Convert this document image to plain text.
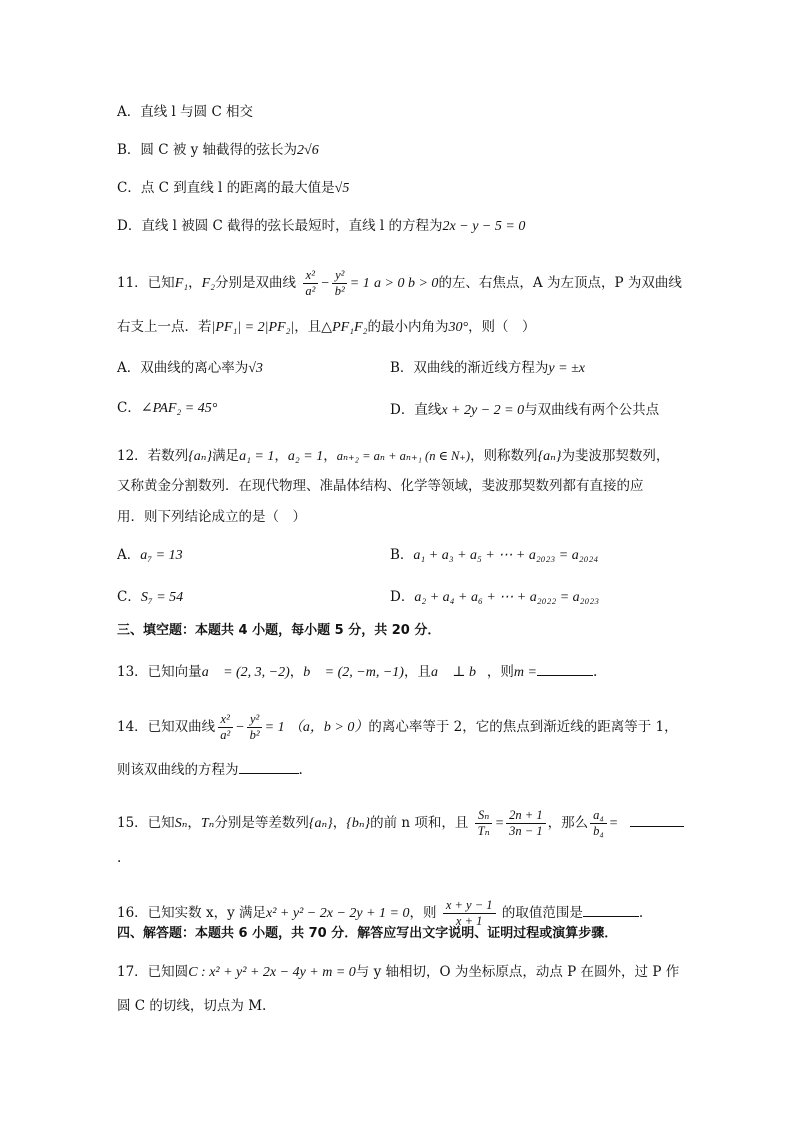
A．直线 l 与圆 C 相交
B．圆 C 被 y 轴截得的弦长为2√6
C．点 C 到直线 l 的距离的最大值是√5
D．直线 l 被圆 C 截得的弦长最短时，直线 l 的方程为2x − y − 5 = 0
11．已知F₁，F₂分别是双曲线 $\frac{\text{x²}}{\text{a²}} - \frac{\text{y²}}{\text{b²}} = 1$ a > 0 b > 0的左、右焦点，A 为左顶点，P 为双曲线
右支上一点．若|PF₁| = 2|PF₂|，且△PF₁F₂的最小内角为30°，则（　）
A．双曲线的离心率为√3	B．双曲线的渐近线方程为y = ±x
C．∠PAF₂ = 45°	D．直线x + 2y − 2 = 0与双曲线有两个公共点
12．若数列{aₙ}满足a₁ = 1，a₂ = 1，aₙ₊₂ = aₙ + aₙ₊₁ (n ∈ N₊)，则称数列{aₙ}为斐波那契数列，
又称黄金分割数列．在现代物理、准晶体结构、化学等领域，斐波那契数列都有直接的应
用．则下列结论成立的是（　）
A．a₇ = 13	B．a₁ + a₃ + a₅ + ⋯ + a₂₀₂₃ = a₂₀₂₄
C．S₇ = 54	D．a₂ + a₄ + a₆ + ⋯ + a₂₀₂₂ = a₂₀₂₃
三、填空题：本题共 4 小题，每小题 5 分，共 20 分．
13．已知向量a⃗ = (2, 3, −2)，b⃗ = (2, −m, −1)，且a⃗ ⊥ b⃗，则m =	.
14．已知双曲线 $\frac{\text{x²}}{\text{a²}} - \frac{\text{y²}}{\text{b²}} = 1$ （a，b > 0）的离心率等于 2，它的焦点到渐近线的距离等于 1，
则该双曲线的方程为	.
15．已知Sₙ，Tₙ分别是等差数列{aₙ}，{bₙ}的前 n 项和，且 $\frac{\text{Sₙ}}{\text{Tₙ}} = \frac{2n + 1}{3n - 1}$ ，那么 $\frac{\text{a₄}}{\text{b₄}}$ =
.
16．已知实数 x，y 满足x² + y² − 2x − 2y + 1 = 0，则 $\frac{x + y - 1}{x + 1}$ 的取值范围是	.
四、解答题：本题共 6 小题，共 70 分．解答应写出文字说明、证明过程或演算步骤．
17．已知圆C : x² + y² + 2x − 4y + m = 0与 y 轴相切，O 为坐标原点，动点 P 在圆外，过 P 作
圆 C 的切线，切点为 M.
